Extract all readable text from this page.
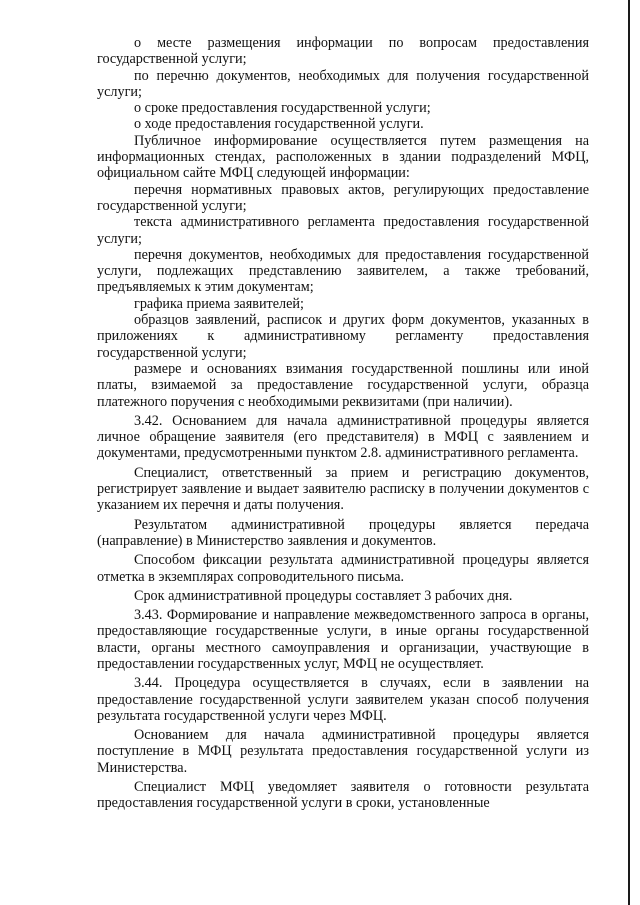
о месте размещения информации по вопросам предоставления государственной услуги;

по перечню документов, необходимых для получения государственной услуги;

о сроке предоставления государственной услуги;

о ходе предоставления государственной услуги.

Публичное информирование осуществляется путем размещения на информационных стендах, расположенных в здании подразделений МФЦ, официальном сайте МФЦ следующей информации:

перечня нормативных правовых актов, регулирующих предоставление государственной услуги;

текста административного регламента предоставления государственной услуги;

перечня документов, необходимых для предоставления государственной услуги, подлежащих представлению заявителем, а также требований, предъявляемых к этим документам;

графика приема заявителей;

образцов заявлений, расписок и других форм документов, указанных в приложениях к административному регламенту предоставления государственной услуги;

размере и основаниях взимания государственной пошлины или иной платы, взимаемой за предоставление государственной услуги, образца платежного поручения с необходимыми реквизитами (при наличии).

3.42. Основанием для начала административной процедуры является личное обращение заявителя (его представителя) в МФЦ с заявлением и документами, предусмотренными пунктом 2.8. административного регламента.

Специалист, ответственный за прием и регистрацию документов, регистрирует заявление и выдает заявителю расписку в получении документов с указанием их перечня и даты получения.

Результатом административной процедуры является передача (направление) в Министерство заявления и документов.

Способом фиксации результата административной процедуры является отметка в экземплярах сопроводительного письма.

Срок административной процедуры составляет 3 рабочих дня.

3.43. Формирование и направление межведомственного запроса в органы, предоставляющие государственные услуги, в иные органы государственной власти, органы местного самоуправления и организации, участвующие в предоставлении государственных услуг, МФЦ не осуществляет.

3.44. Процедура осуществляется в случаях, если в заявлении на предоставление государственной услуги заявителем указан способ получения результата государственной услуги через МФЦ.

Основанием для начала административной процедуры является поступление в МФЦ результата предоставления государственной услуги из Министерства.

Специалист МФЦ уведомляет заявителя о готовности результата предоставления государственной услуги в сроки, установленные
